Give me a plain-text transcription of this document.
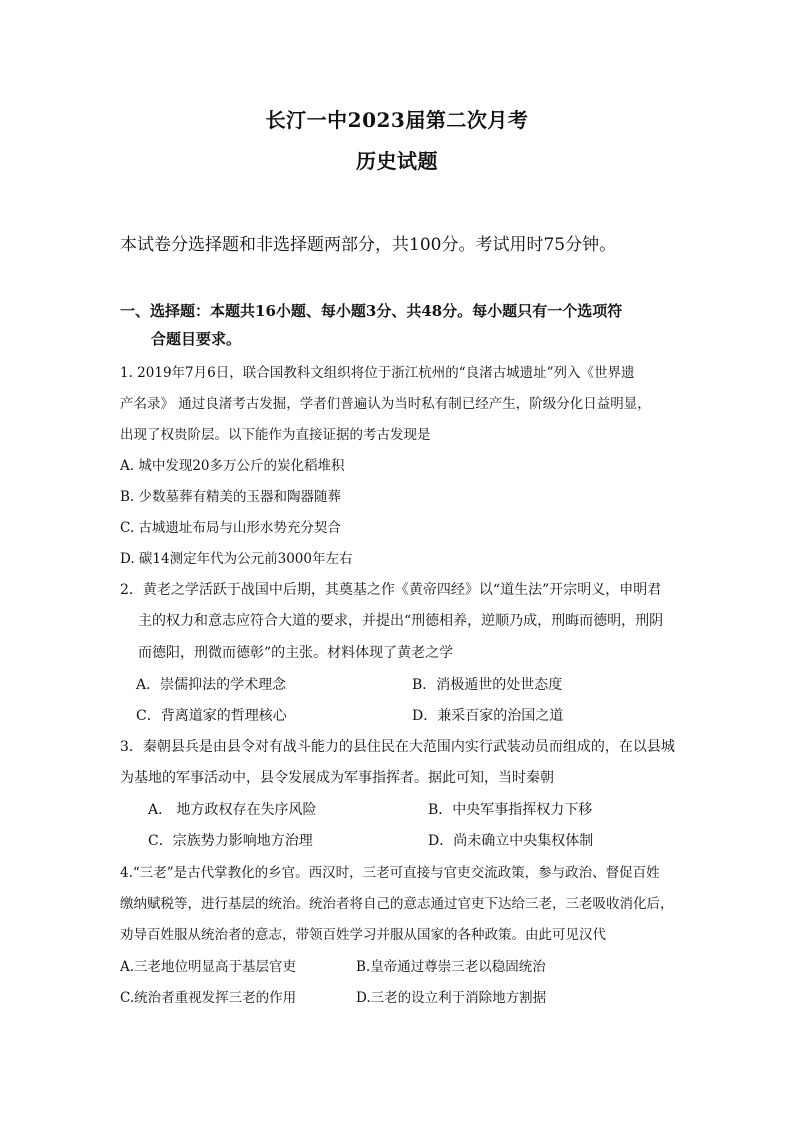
长汀一中2023届第二次月考
历史试题
本试卷分选择题和非选择题两部分，共100分。考试用时75分钟。
一、选择题：本题共16小题、每小题3分、共48分。每小题只有一个选项符
合题目要求。
1. 2019年7月6日，联合国教科文组织将位于浙江杭州的“良渚古城遗址”列入《世界遗
产名录》 通过良渚考古发掘，学者们普遍认为当时私有制已经产生，阶级分化日益明显，
出现了权贵阶层。以下能作为直接证据的考古发现是
A. 城中发现20多万公斤的炭化稻堆积
B. 少数墓葬有精美的玉器和陶器随葬
C. 古城遗址布局与山形水势充分契合
D. 碳14测定年代为公元前3000年左右
2．黄老之学活跃于战国中后期，其奠基之作《黄帝四经》以“道生法”开宗明义，申明君
主的权力和意志应符合大道的要求，并提出“刑德相养，逆顺乃成，刑晦而德明，刑阴
而德阳，刑微而德彰”的主张。材料体现了黄老之学
A．崇儒抑法的学术理念	B．消极遁世的处世态度
C．背离道家的哲理核心	D．兼采百家的治国之道
3．秦朝县兵是由县令对有战斗能力的县住民在大范围内实行武装动员而组成的，在以县城
为基地的军事活动中，县令发展成为军事指挥者。据此可知，当时秦朝
A． 地方政权存在失序风险	B．中央军事指挥权力下移
C．宗族势力影响地方治理	D．尚未确立中央集权体制
4.“三老”是古代掌教化的乡官。西汉时，三老可直接与官吏交流政策，参与政治、督促百姓
缴纳赋税等，进行基层的统治。统治者将自己的意志通过官吏下达给三老，三老吸收消化后，
劝导百姓服从统治者的意志，带领百姓学习并服从国家的各种政策。由此可见汉代
A.三老地位明显高于基层官吏	B.皇帝通过尊崇三老以稳固统治
C.统治者重视发挥三老的作用	D.三老的设立利于消除地方割据
